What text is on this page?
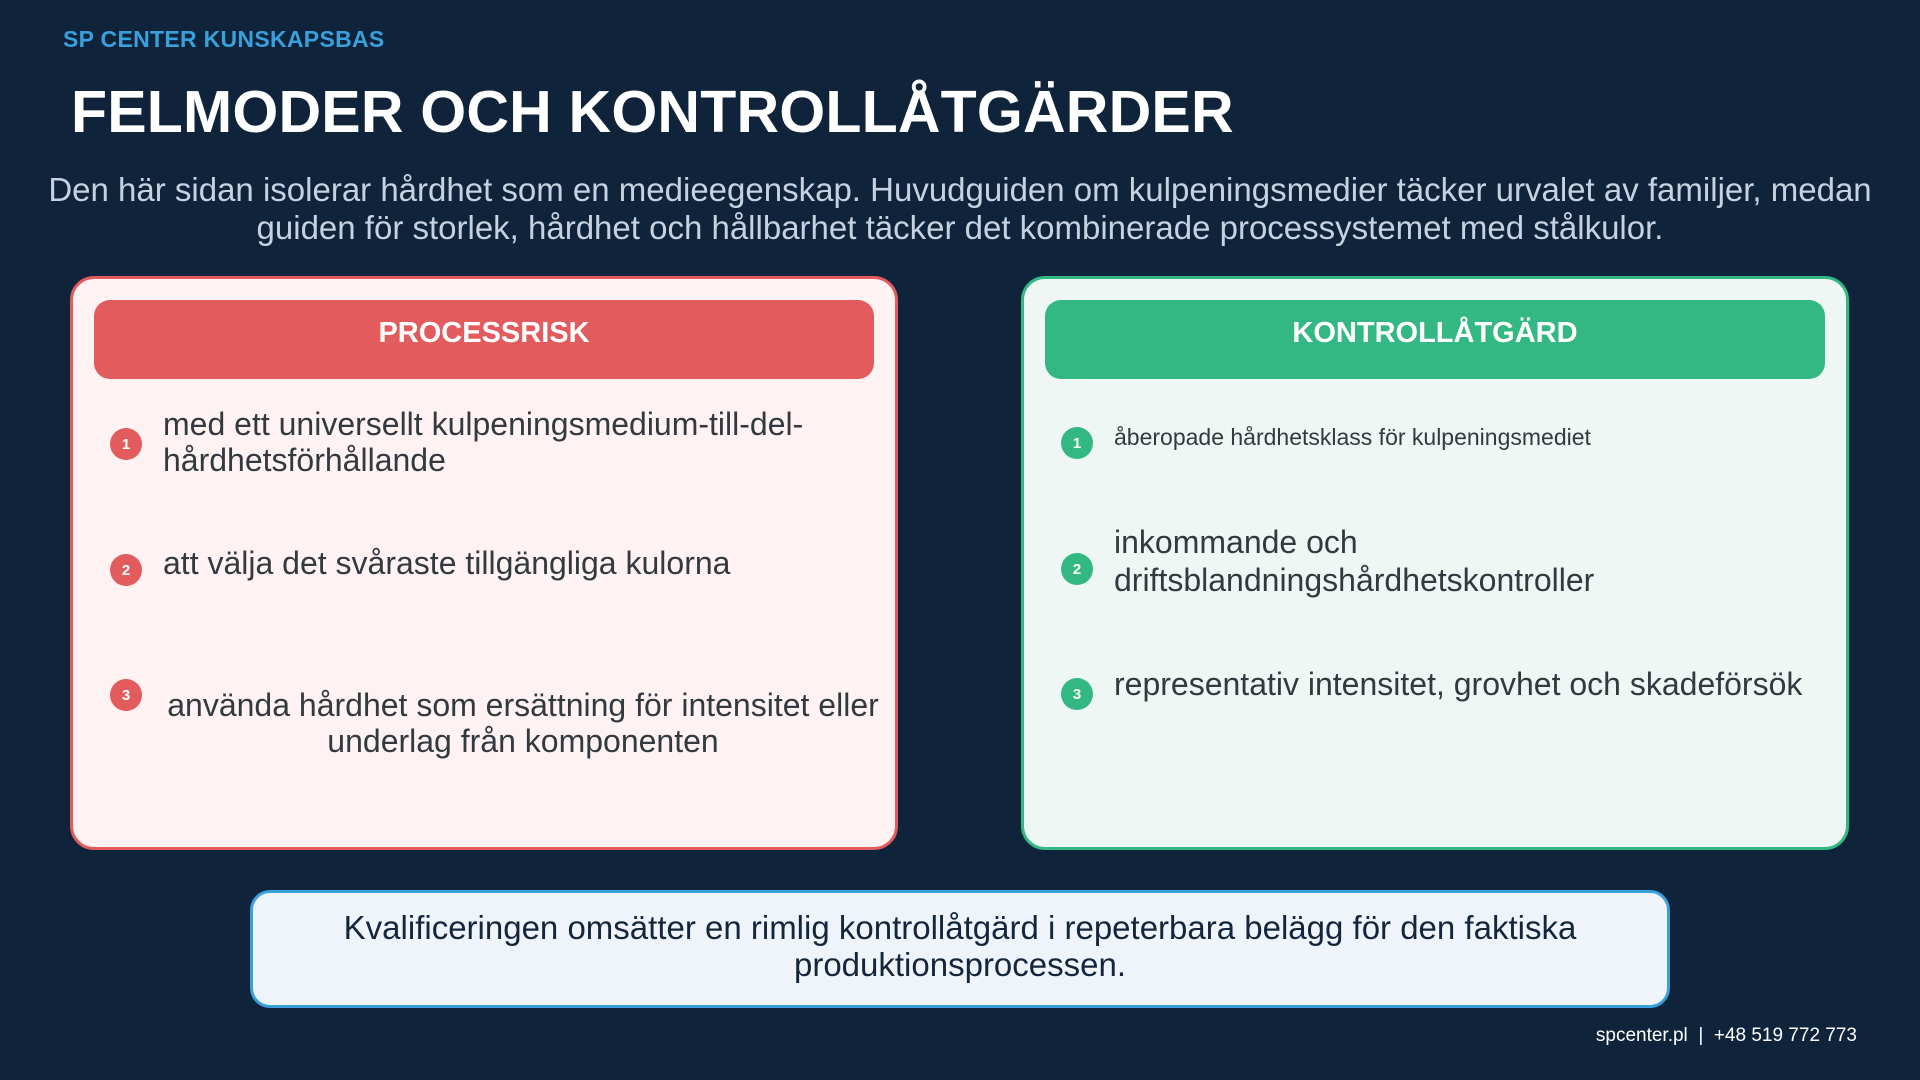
SP CENTER KUNSKAPSBAS
FELMODER OCH KONTROLLÅTGÄRDER
Den här sidan isolerar hårdhet som en medieegenskap. Huvudguiden om kulpeningsmedier täcker urvalet av familjer, medan guiden för storlek, hårdhet och hållbarhet täcker det kombinerade processystemet med stålkulor.
PROCESSRISK
1
med ett universellt kulpeningsmedium-till-del-hårdhetsförhållande
2	att välja det svåraste tillgängliga kulorna
3	använda hårdhet som ersättning för intensitet eller underlag från komponenten
KONTROLLÅTGÄRD
1	åberopade hårdhetsklass för kulpeningsmediet
2
inkommande och driftsblandningshårdhetskontroller
3	representativ intensitet, grovhet och skadeförsök
Kvalificeringen omsätter en rimlig kontrollåtgärd i repeterbara belägg för den faktiska produktionsprocessen.
spcenter.pl  |  +48 519 772 773
